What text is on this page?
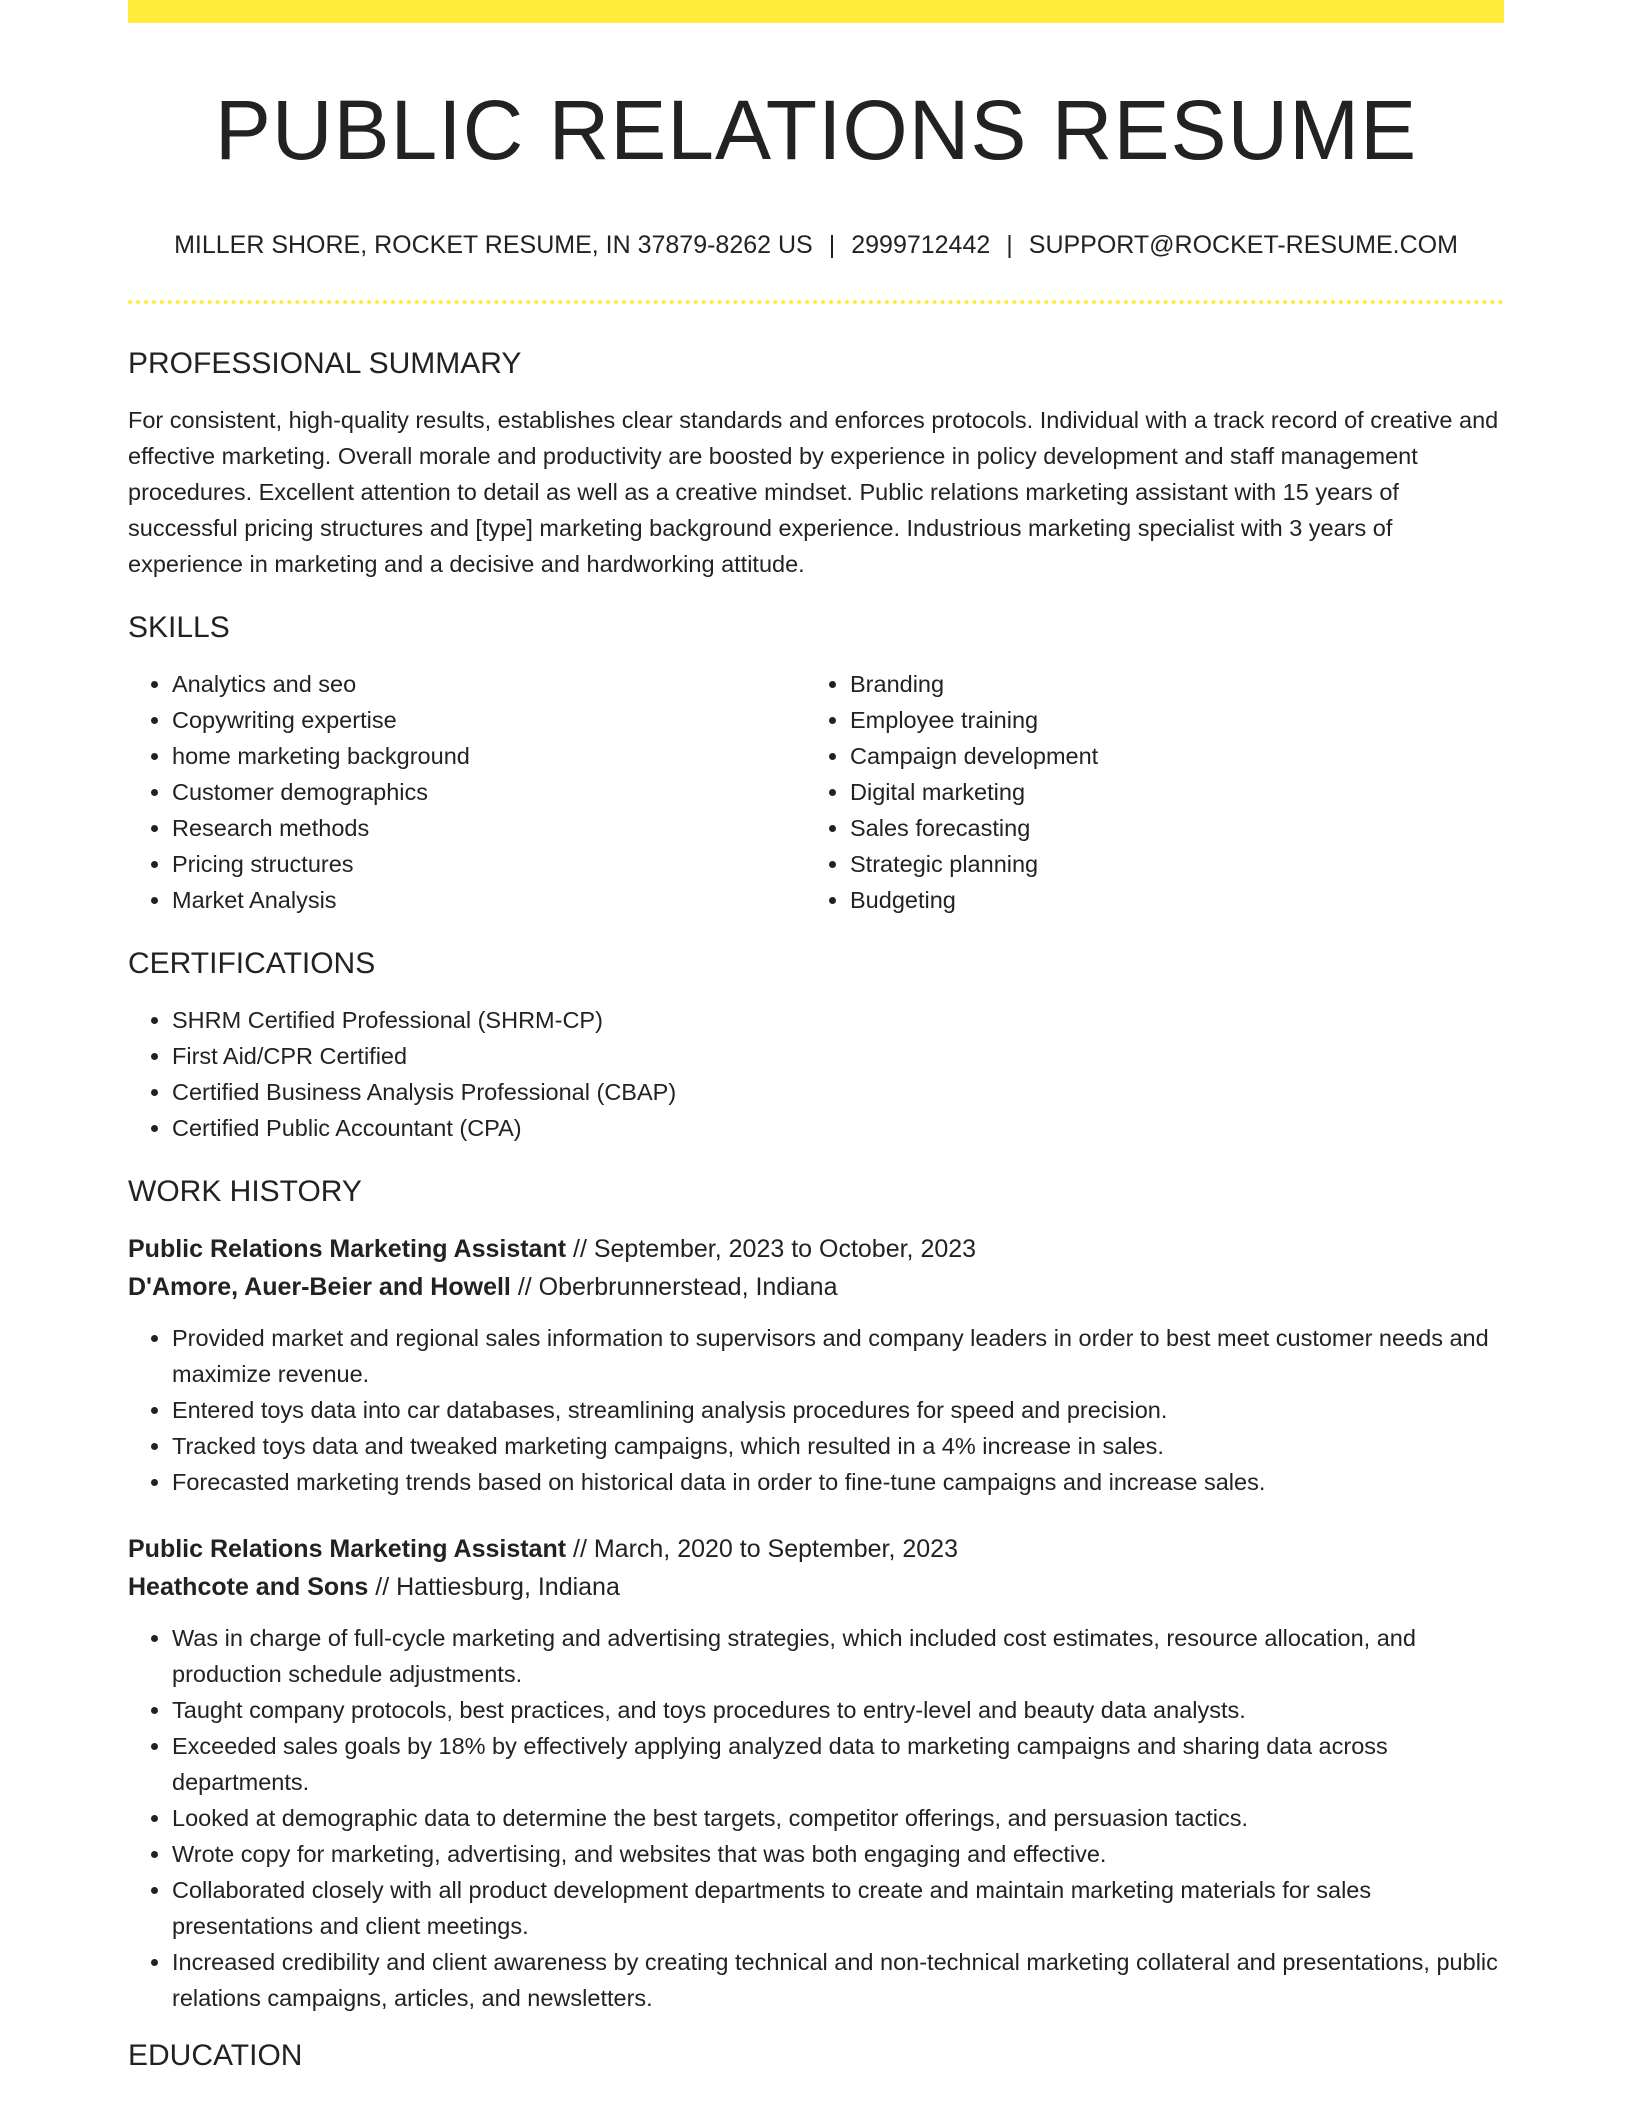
PUBLIC RELATIONS RESUME
MILLER SHORE, ROCKET RESUME, IN 37879-8262 US | 2999712442 | SUPPORT@ROCKET-RESUME.COM
PROFESSIONAL SUMMARY

For consistent, high-quality results, establishes clear standards and enforces protocols. Individual with a track record of creative and effective marketing. Overall morale and productivity are boosted by experience in policy development and staff management procedures. Excellent attention to detail as well as a creative mindset. Public relations marketing assistant with 15 years of successful pricing structures and [type] marketing background experience. Industrious marketing specialist with 3 years of experience in marketing and a decisive and hardworking attitude.

SKILLS
• Analytics and seo
• Copywriting expertise
• home marketing background
• Customer demographics
• Research methods
• Pricing structures
• Market Analysis
• Branding
• Employee training
• Campaign development
• Digital marketing
• Sales forecasting
• Strategic planning
• Budgeting
CERTIFICATIONS
• SHRM Certified Professional (SHRM-CP)
• First Aid/CPR Certified
• Certified Business Analysis Professional (CBAP)
• Certified Public Accountant (CPA)
WORK HISTORY
Public Relations Marketing Assistant // September, 2023 to October, 2023
D'Amore, Auer-Beier and Howell // Oberbrunnerstead, Indiana
• Provided market and regional sales information to supervisors and company leaders in order to best meet customer needs and maximize revenue.
• Entered toys data into car databases, streamlining analysis procedures for speed and precision.
• Tracked toys data and tweaked marketing campaigns, which resulted in a 4% increase in sales.
• Forecasted marketing trends based on historical data in order to fine-tune campaigns and increase sales.
Public Relations Marketing Assistant // March, 2020 to September, 2023
Heathcote and Sons // Hattiesburg, Indiana
• Was in charge of full-cycle marketing and advertising strategies, which included cost estimates, resource allocation, and production schedule adjustments.
• Taught company protocols, best practices, and toys procedures to entry-level and beauty data analysts.
• Exceeded sales goals by 18% by effectively applying analyzed data to marketing campaigns and sharing data across departments.
• Looked at demographic data to determine the best targets, competitor offerings, and persuasion tactics.
• Wrote copy for marketing, advertising, and websites that was both engaging and effective.
• Collaborated closely with all product development departments to create and maintain marketing materials for sales presentations and client meetings.
• Increased credibility and client awareness by creating technical and non-technical marketing collateral and presentations, public relations campaigns, articles, and newsletters.
EDUCATION
